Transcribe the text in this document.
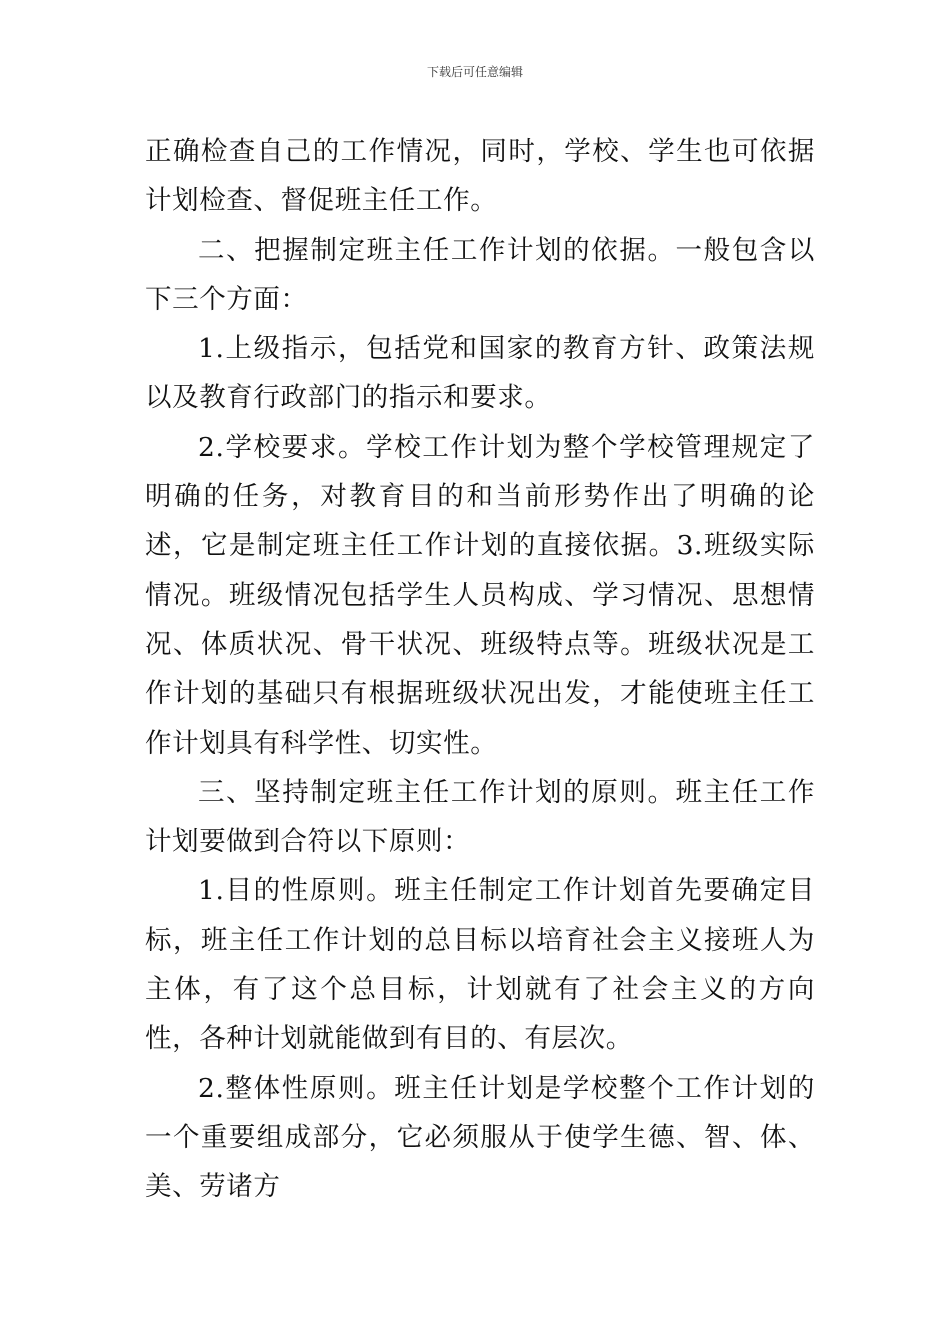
下载后可任意编辑

正确检查自己的工作情况，同时，学校、学生也可依据计划检查、督促班主任工作。

二、把握制定班主任工作计划的依据。一般包含以下三个方面：

1.上级指示，包括党和国家的教育方针、政策法规以及教育行政部门的指示和要求。

2.学校要求。学校工作计划为整个学校管理规定了明确的任务，对教育目的和当前形势作出了明确的论述，它是制定班主任工作计划的直接依据。3.班级实际情况。班级情况包括学生人员构成、学习情况、思想情况、体质状况、骨干状况、班级特点等。班级状况是工作计划的基础只有根据班级状况出发，才能使班主任工作计划具有科学性、切实性。

三、坚持制定班主任工作计划的原则。班主任工作计划要做到合符以下原则：

1.目的性原则。班主任制定工作计划首先要确定目标，班主任工作计划的总目标以培育社会主义接班人为主体，有了这个总目标，计划就有了社会主义的方向性，各种计划就能做到有目的、有层次。

2.整体性原则。班主任计划是学校整个工作计划的一个重要组成部分，它必须服从于使学生德、智、体、美、劳诸方
